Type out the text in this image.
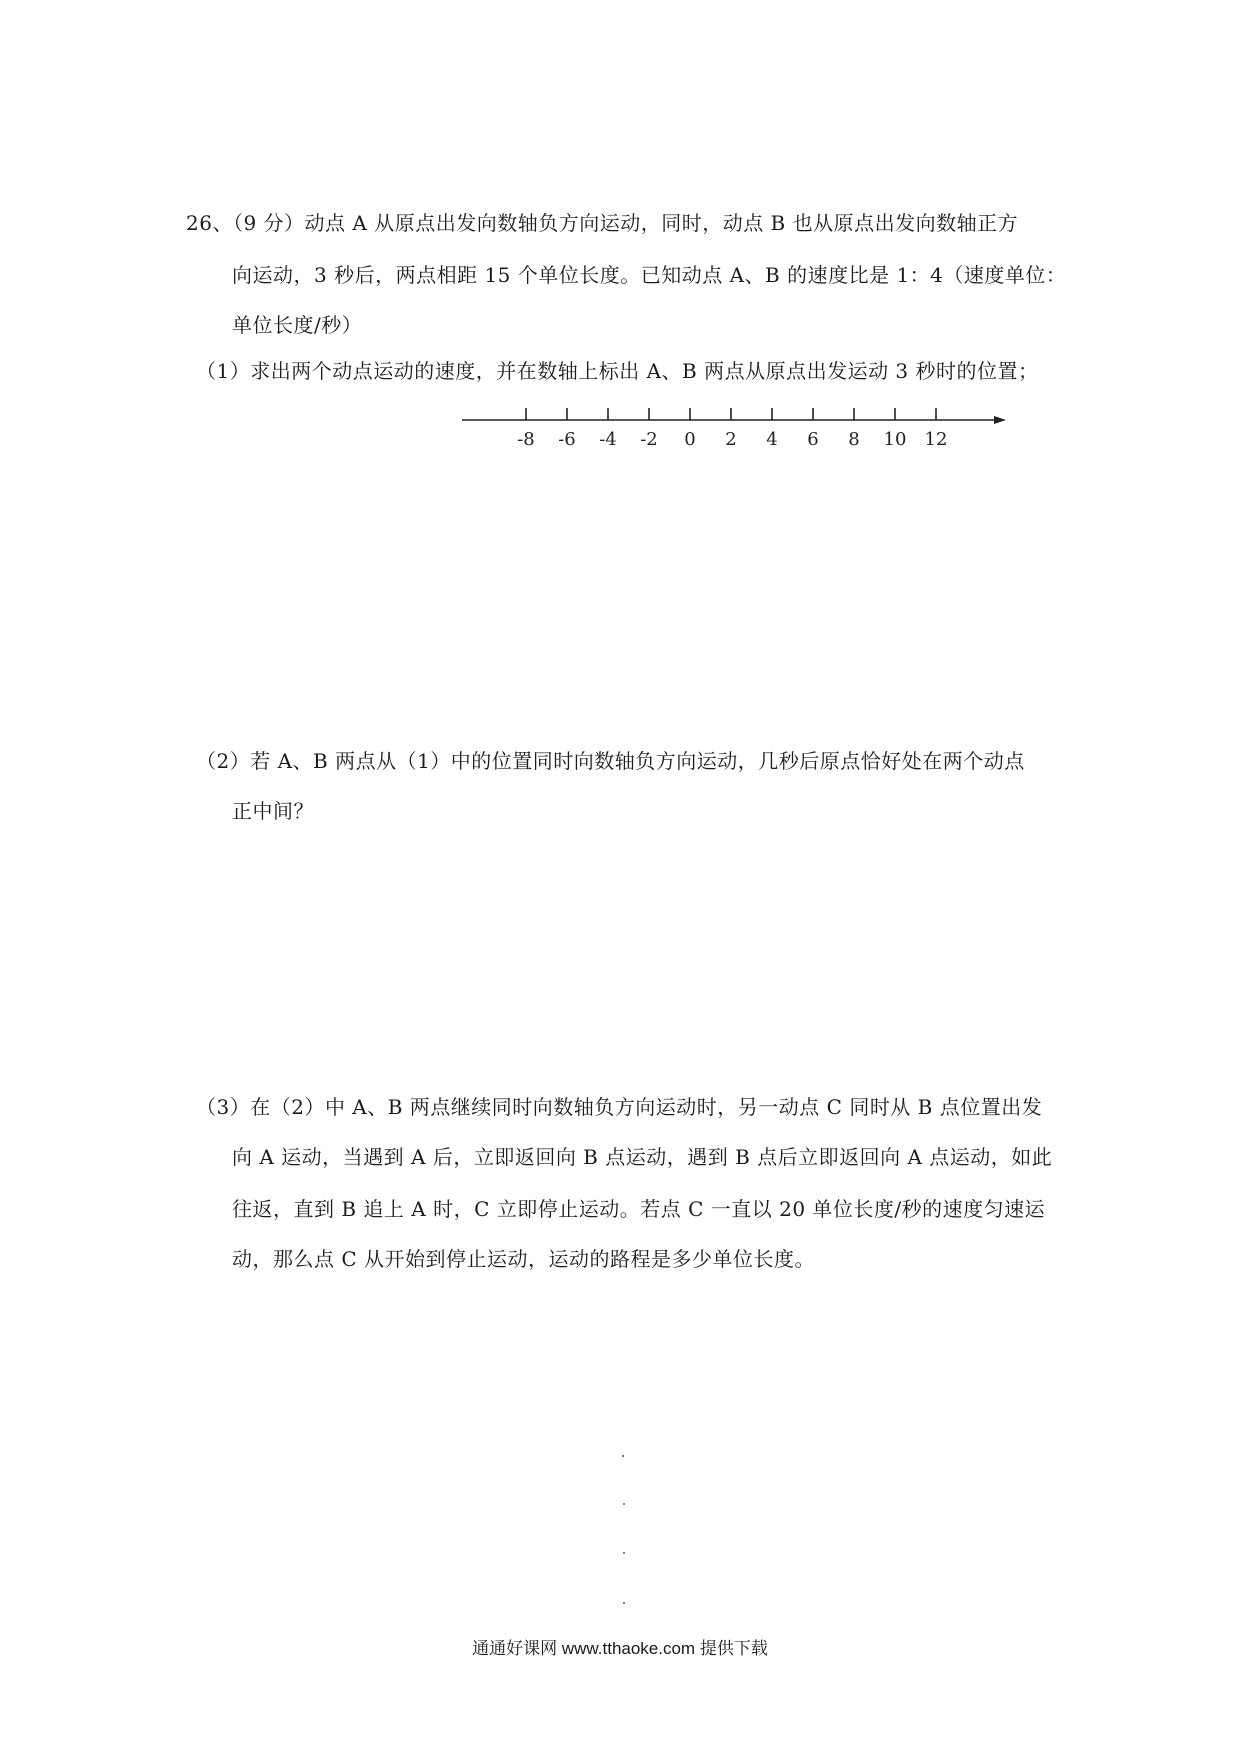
26、（9 分）动点 A 从原点出发向数轴负方向运动，同时，动点 B 也从原点出发向数轴正方
向运动，3 秒后，两点相距 15 个单位长度。已知动点 A、B 的速度比是 1：4（速度单位：
单位长度/秒）
（1）求出两个动点运动的速度，并在数轴上标出 A、B 两点从原点出发运动 3 秒时的位置；
-8 -6 -4 -2 0 2 4 6 8 10 12
（2）若 A、B 两点从（1）中的位置同时向数轴负方向运动，几秒后原点恰好处在两个动点
正中间？
（3）在（2）中 A、B 两点继续同时向数轴负方向运动时，另一动点 C 同时从 B 点位置出发
向 A 运动，当遇到 A 后，立即返回向 B 点运动，遇到 B 点后立即返回向 A 点运动，如此
往返，直到 B 追上 A 时，C 立即停止运动。若点 C 一直以 20 单位长度/秒的速度匀速运
动，那么点 C 从开始到停止运动，运动的路程是多少单位长度。
通通好课网 www.tthaoke.com 提供下载
